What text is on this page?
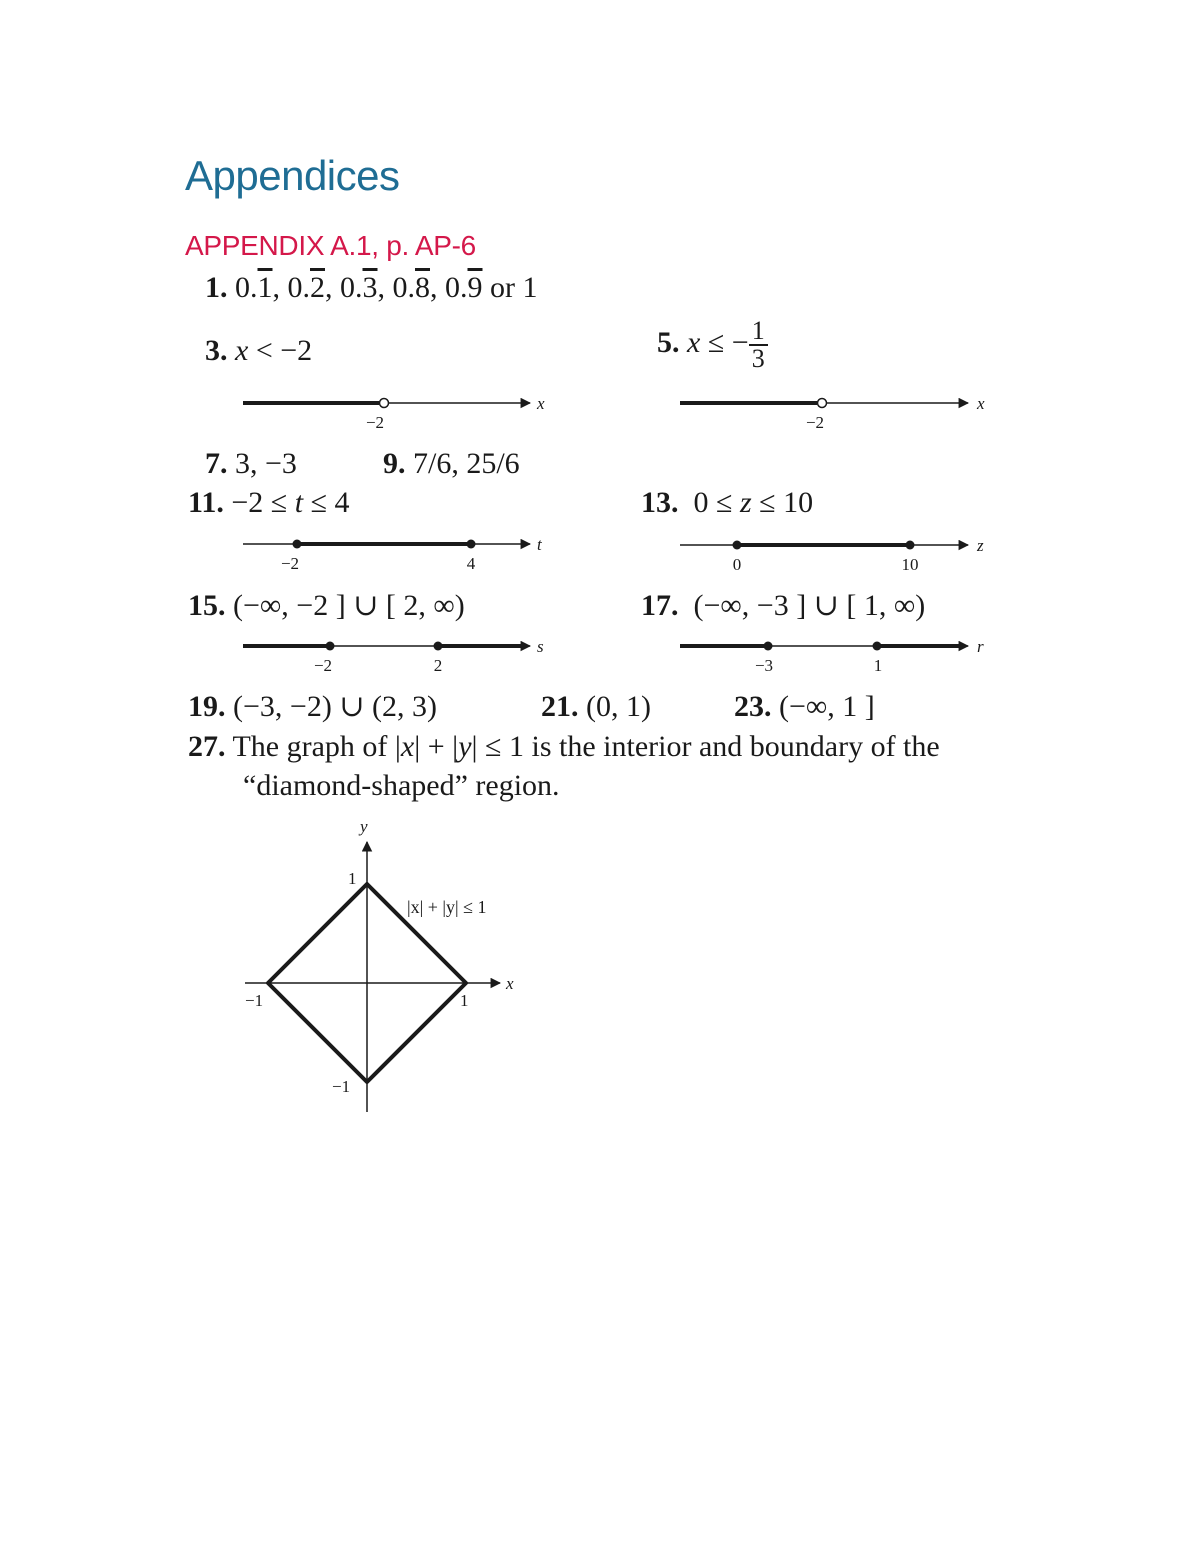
Appendices
APPENDIX A.1, p. AP-6
1. 0.1, 0.2, 0.3, 0.8, 0.9 or 1
3. x < −2	5. x ≤ − $\frac{1}{3}$
7. 3, −3	9. 7/6, 25/6
11. −2 ≤ t ≤ 4	13. 0 ≤ z ≤ 10
15. (−∞, −2 ] ∪ [ 2, ∞)	17. (−∞, −3 ] ∪ [ 1, ∞)
19. (−3, −2) ∪ (2, 3)	21. (0, 1)	23. (−∞, 1 ]
27. The graph of |x| + |y| ≤ 1 is the interior and boundary of the
“diamond-shaped” region.
−2
x
−2
x
−2	4
t
0	10
z
−2	2
s
−3	1
r
y
x
1
1
−1
−1
|x| + |y| ≤ 1
